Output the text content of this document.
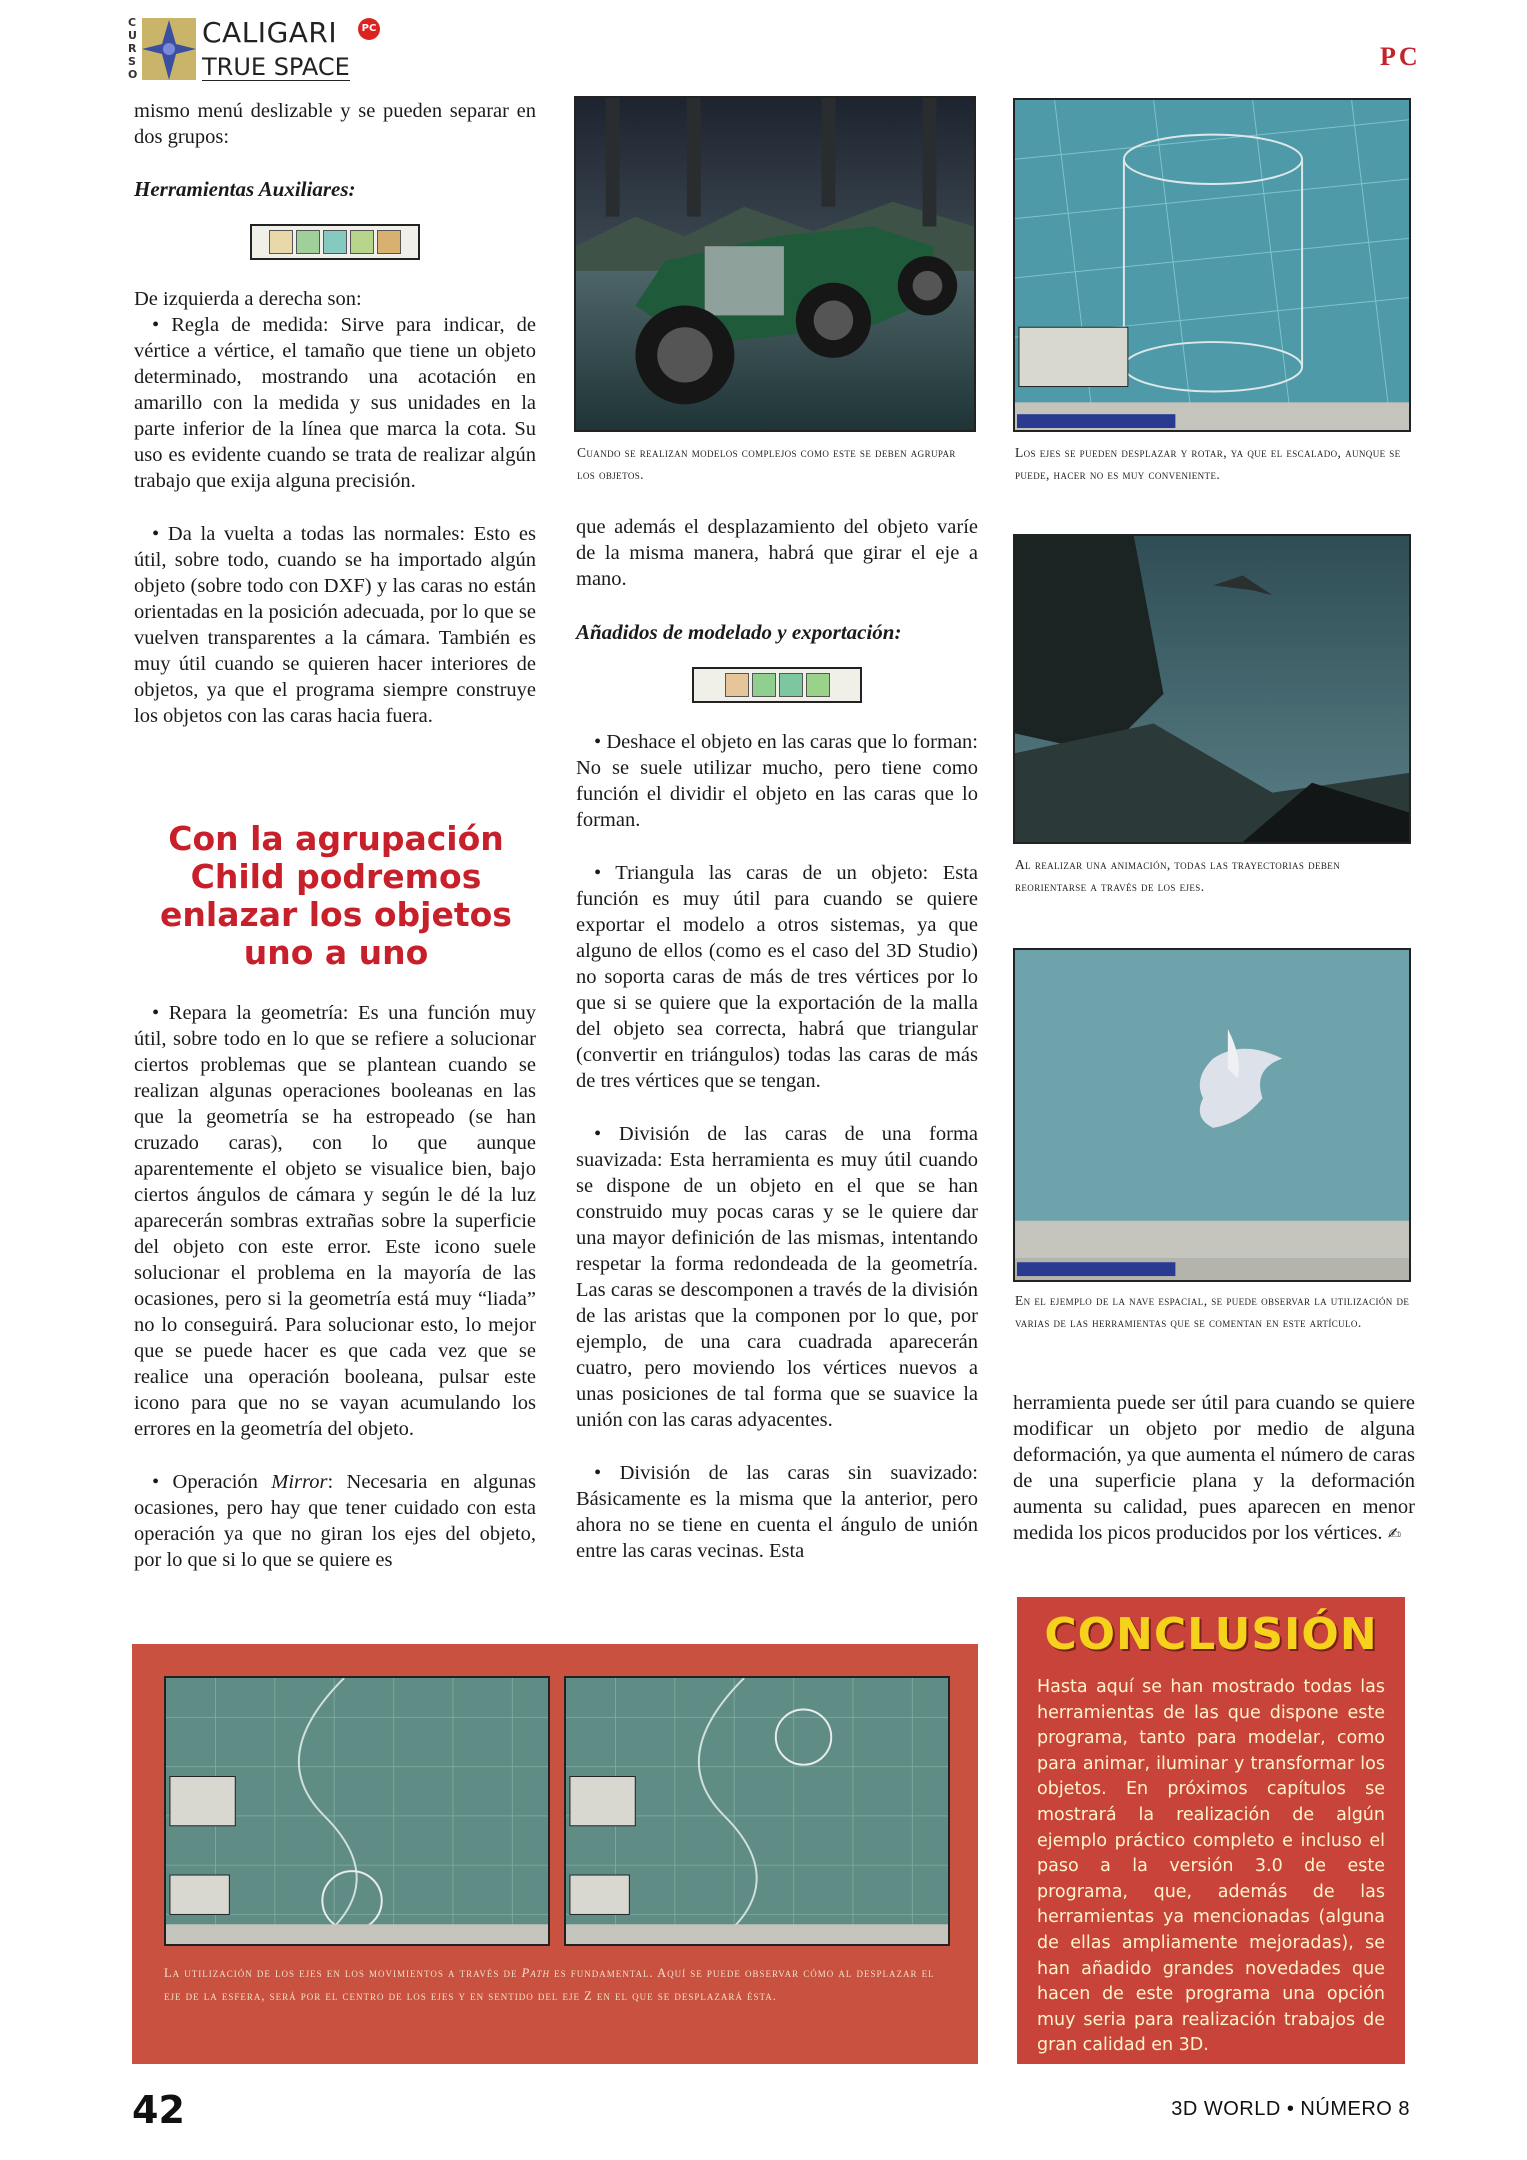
CURSO
CALIGARI
TRUE SPACE
PC
PC

mismo menú deslizable y se pueden separar en dos grupos:

Herramientas Auxiliares:

De izquierda a derecha son:

• Regla de medida: Sirve para indicar, de vértice a vértice, el tamaño que tiene un objeto determinado, mostrando una acotación en amarillo con la medida y sus unidades en la parte inferior de la línea que marca la cota. Su uso es evidente cuando se trata de realizar algún trabajo que exija alguna precisión.

• Da la vuelta a todas las normales: Esto es útil, sobre todo, cuando se ha importado algún objeto (sobre todo con DXF) y las caras no están orientadas en la posición adecuada, por lo que se vuelven transparentes a la cámara. También es muy útil cuando se quieren hacer interiores de objetos, ya que el programa siempre construye los objetos con las caras hacia fuera.

Con la agrupación Child podremos enlazar los objetos uno a uno

• Repara la geometría: Es una función muy útil, sobre todo en lo que se refiere a solucionar ciertos problemas que se plantean cuando se realizan algunas operaciones booleanas en las que la geometría se ha estropeado (se han cruzado caras), con lo que aunque aparentemente el objeto se visualice bien, bajo ciertos ángulos de cámara y según le dé la luz aparecerán sombras extrañas sobre la superficie del objeto con este error. Este icono suele solucionar el problema en la mayoría de las ocasiones, pero si la geometría está muy “liada” no lo conseguirá. Para solucionar esto, lo mejor que se puede hacer es que cada vez que se realice una operación booleana, pulsar este icono para que no se vayan acumulando los errores en la geometría del objeto.

• Operación Mirror: Necesaria en algunas ocasiones, pero hay que tener cuidado con esta operación ya que no giran los ejes del objeto, por lo que si lo que se quiere es

Cuando se realizan modelos complejos como este se deben agrupar los objetos.

que además el desplazamiento del objeto varíe de la misma manera, habrá que girar el eje a mano.

Añadidos de modelado y exportación:

• Deshace el objeto en las caras que lo forman: No se suele utilizar mucho, pero tiene como función el dividir el objeto en las caras que lo forman.

• Triangula las caras de un objeto: Esta función es muy útil para cuando se quiere exportar el modelo a otros sistemas, ya que alguno de ellos (como es el caso del 3D Studio) no soporta caras de más de tres vértices por lo que si se quiere que la exportación de la malla del objeto sea correcta, habrá que triangular (convertir en triángulos) todas las caras de más de tres vértices que se tengan.

• División de las caras de una forma suavizada: Esta herramienta es muy útil cuando se dispone de un objeto en el que se han construido muy pocas caras y se le quiere dar una mayor definición de las mismas, intentando respetar la forma redondeada de la geometría. Las caras se descomponen a través de la división de las aristas que la componen por lo que, por ejemplo, de una cara cuadrada aparecerán cuatro, pero moviendo los vértices nuevos a unas posiciones de tal forma que se suavice la unión con las caras adyacentes.

• División de las caras sin suavizado: Básicamente es la misma que la anterior, pero ahora no se tiene en cuenta el ángulo de unión entre las caras vecinas. Esta

Los ejes se pueden desplazar y rotar, ya que el escalado, aunque se puede, hacer no es muy conveniente.
Al realizar una animación, todas las trayectorias deben reorientarse a través de los ejes.
En el ejemplo de la nave espacial, se puede observar la utilización de varias de las herramientas que se comentan en este artículo.

herramienta puede ser útil para cuando se quiere modificar un objeto por medio de alguna deformación, ya que aumenta el número de caras de una superficie plana y la deformación aumenta su calidad, pues aparecen en menor medida los picos producidos por los vértices. ✍

La utilización de los ejes en los movimientos a través de Path es fundamental. Aquí se puede observar cómo al desplazar el eje de la esfera, será por el centro de los ejes y en sentido del eje Z en el que se desplazará ésta.
CONCLUSIÓN
Hasta aquí se han mostrado todas las herramientas de las que dispone este programa, tanto para modelar, como para animar, iluminar y transformar los objetos. En próximos capítulos se mostrará la realización de algún ejemplo práctico completo e incluso el paso a la versión 3.0 de este programa, que, además de las herramientas ya mencionadas (alguna de ellas ampliamente mejoradas), se han añadido grandes novedades que hacen de este programa una opción muy seria para realización trabajos de gran calidad en 3D.
42	3D WORLD • NÚMERO 8
